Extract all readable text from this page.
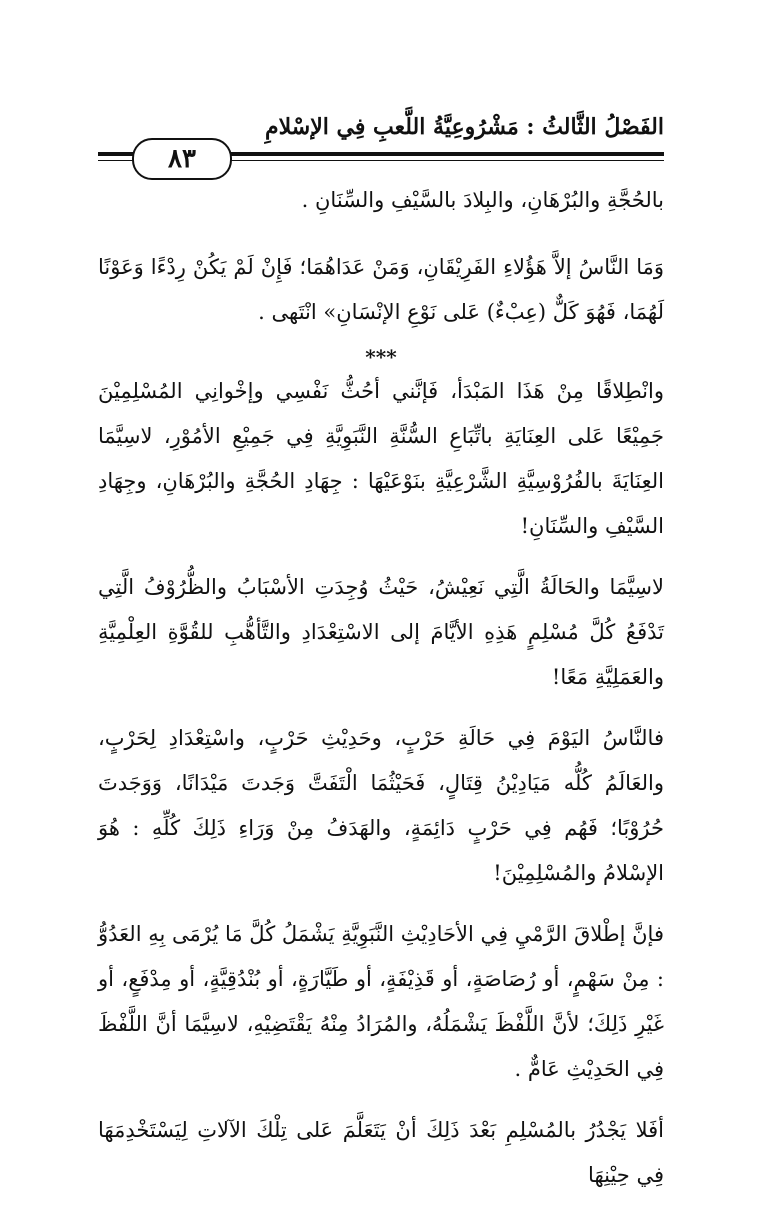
الفَصْلُ الثَّالثُ : مَشْرُوعِيَّةُ اللَّعبِ فِي الإسْلامِ
٨٣

بالحُجَّةِ والبُرْهَانِ، والبِلادَ بالسَّيْفِ والسِّنَانِ .

وَمَا النَّاسُ إلاَّ هَؤُلاءِ الفَرِيْقَانِ، وَمَنْ عَدَاهُمَا؛ فَإِنْ لَمْ يَكُنْ رِدْءًا وَعَوْنًا لَهُمَا، فَهُوَ كَلٌّ (عِبْءٌ) عَلى نَوْعِ الإنْسَانِ» انْتَهى .

***

وانْطِلاقًا مِنْ هَذَا المَبْدَأ، فَإنَّني أحُثُّ نَفْسِي وإخْوانِي المُسْلِمِيْنَ جَمِيْعًا عَلى العِنَايَةِ باتِّبَاعِ السُّنَّةِ النَّبَوِيَّةِ فِي جَمِيْعِ الأمُوْرِ، لاسِيَّمَا العِنَايَةَ بالفُرُوْسِيَّةِ الشَّرْعِيَّةِ بنَوْعَيْهَا : جِهَادِ الحُجَّةِ والبُرْهَانِ، وجِهَادِ السَّيْفِ والسِّنَانِ!

لاسِيَّمَا والحَالَةُ الَّتِي نَعِيْشُ، حَيْثُ وُجِدَتِ الأسْبَابُ والظُّرُوْفُ الَّتِي تَدْفَعُ كُلَّ مُسْلِمٍ هَذِهِ الأيَّامَ إلى الاسْتِعْدَادِ والتَّأهُّبِ للقُوَّةِ العِلْمِيَّةِ والعَمَلِيَّةِ مَعًا!

فالنَّاسُ اليَوْمَ فِي حَالَةِ حَرْبٍ، وحَدِيْثِ حَرْبٍ، واسْتِعْدَادِ لِحَرْبٍ، والعَالَمُ كُلُّه مَيَادِيْنُ قِتَالٍ، فَحَيْثُمَا الْتَفَتَّ وَجَدتَ مَيْدَانًا، وَوَجَدتَ حُرُوْبًا؛ فَهُم فِي حَرْبٍ دَائِمَةٍ، والهَدَفُ مِنْ وَرَاءِ ذَلِكَ كُلِّهِ : هُوَ الإسْلامُ والمُسْلِمِيْنَ!

فإنَّ إطْلاقَ الرَّمْيِ فِي الأحَادِيْثِ النَّبَوِيَّةِ يَشْمَلُ كُلَّ مَا يُرْمَى بِهِ العَدُوُّ : مِنْ سَهْمٍ، أو رُصَاصَةٍ، أو قَذِيْفَةٍ، أو طَيَّارَةٍ، أو بُنْدُقِيَّةٍ، أو مِدْفَعٍ، أو غَيْرِ ذَلِكَ؛ لأنَّ اللَّفْظَ يَشْمَلُهُ، والمُرَادُ مِنْهُ يَقْتَضِيْهِ، لاسِيَّمَا أنَّ اللَّفْظَ فِي الحَدِيْثِ عَامٌّ .

أفَلا يَجْدُرُ بالمُسْلِمِ بَعْدَ ذَلِكَ أنْ يَتَعَلَّمَ عَلى تِلْكَ الآلاتِ لِيَسْتَخْدِمَهَا فِي حِيْنِهَا
